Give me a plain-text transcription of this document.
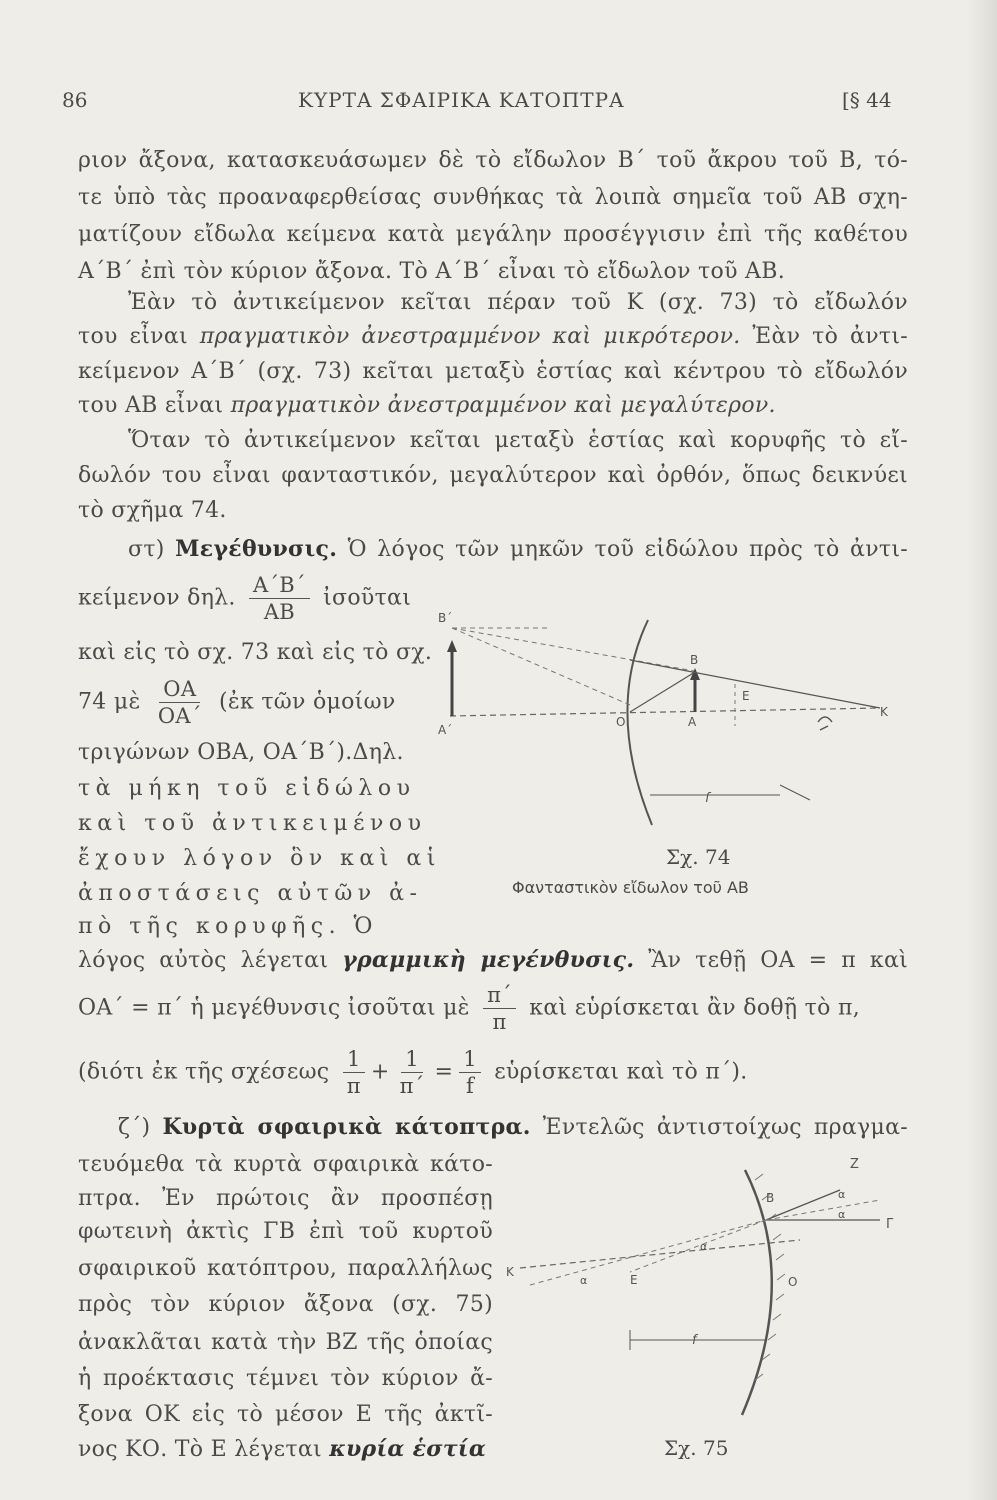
86	ΚΥΡΤΑ ΣΦΑΙΡΙΚΑ ΚΑΤΟΠΤΡΑ	[§ 44
ριον ἄξονα, κατασκευάσωμεν δὲ τὸ εἴδωλον Β΄ τοῦ ἄκρου τοῦ Β, τό-
τε ὑπὸ τὰς προαναφερθείσας συνθήκας τὰ λοιπὰ σημεῖα τοῦ ΑΒ σχη-
ματίζουν εἴδωλα κείμενα κατὰ μεγάλην προσέγγισιν ἐπὶ τῆς καθέτου
Α΄Β΄ ἐπὶ τὸν κύριον ἄξονα. Τὸ Α΄Β΄ εἶναι τὸ εἴδωλον τοῦ ΑΒ.
Ἐὰν τὸ ἀντικείμενον κεῖται πέραν τοῦ Κ (σχ. 73) τὸ εἴδωλόν
του εἶναι πραγματικὸν ἀνεστραμμένον καὶ μικρότερον. Ἐὰν τὸ ἀντι-
κείμενον Α΄Β΄ (σχ. 73) κεῖται μεταξὺ ἑστίας καὶ κέντρου τὸ εἴδωλόν
του ΑΒ εἶναι πραγματικὸν ἀνεστραμμένον καὶ μεγαλύτερον.
Ὅταν τὸ ἀντικείμενον κεῖται μεταξὺ ἑστίας καὶ κορυφῆς τὸ εἴ-
δωλόν του εἶναι φανταστικόν, μεγαλύτερον καὶ ὀρθόν, ὅπως δεικνύει
τὸ σχῆμα 74.
στ) Μεγέθυνσις. Ὁ λόγος τῶν μηκῶν τοῦ εἰδώλου πρὸς τὸ ἀντι-
κείμενον δηλ. $\frac{A΄B΄}{AB}$ ἰσοῦται
καὶ εἰς τὸ σχ. 73 καὶ εἰς τὸ σχ.
74 μὲ $\frac{OA}{OA΄}$ (ἐκ τῶν ὁμοίων
τριγώνων ΟΒΑ, ΟΑ΄Β΄).Δηλ.
τὰ μήκη τοῦ εἰδώλου
καὶ τοῦ ἀντικειμένου
ἔχουν λόγον ὃν καὶ αἱ
ἀποστάσεις αὐτῶν ἀ-
πὸ τῆς κορυφῆς. Ὁ
λόγος αὐτὸς λέγεται γραμμικὴ μεγένθυσις. Ἂν τεθῇ ΟΑ = π καὶ
ΟΑ΄ = π΄ ἡ μεγέθυνσις ἰσοῦται μὲ $\frac{\pi΄}{\pi}$ καὶ εὑρίσκεται ἂν δοθῇ τὸ π,
(διότι ἐκ τῆς σχέσεως $\frac{1}{\pi} + \frac{1}{\pi΄} = \frac{1}{f}$ εὑρίσκεται καὶ τὸ π΄).
ζ΄) Κυρτὰ σφαιρικὰ κάτοπτρα. Ἐντελῶς ἀντιστοίχως πραγμα-
τευόμεθα τὰ κυρτὰ σφαιρικὰ κάτο-
πτρα. Ἐν πρώτοις ἂν προσπέσῃ
φωτεινὴ ἀκτὶς ΓΒ ἐπὶ τοῦ κυρτοῦ
σφαιρικοῦ κατόπτρου, παραλλήλως
πρὸς τὸν κύριον ἄξονα (σχ. 75)
ἀνακλᾶται κατὰ τὴν ΒΖ τῆς ὁποίας
ἡ προέκτασις τέμνει τὸν κύριον ἄ-
ξονα ΟΚ εἰς τὸ μέσον Ε τῆς ἀκτῖ-
νος ΚΟ. Τὸ Ε λέγεται κυρία ἑστία
Β΄
Α΄
Ο	Α
Β
Ε
Κ
f
Σχ. 74
Φανταστικὸν εἴδωλον τοῦ ΑΒ
Ζ
Β	α
α
α
α
Γ
Κ
Ε	Ο
f
Σχ. 75
